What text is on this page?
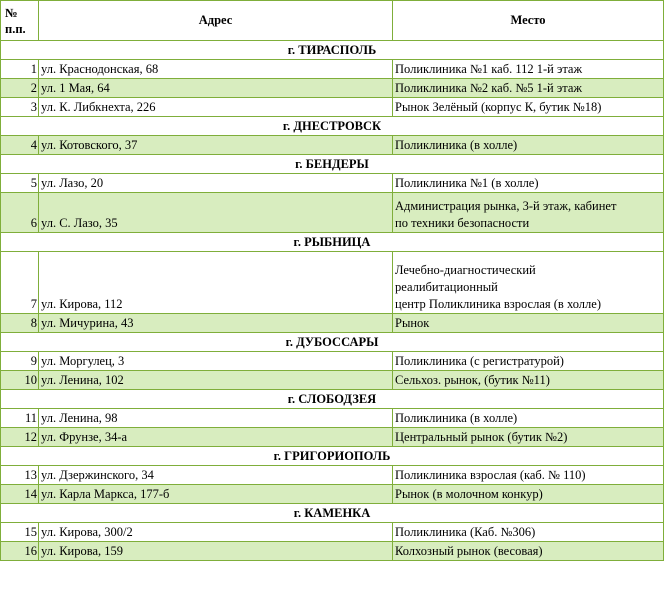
№
п.п.	Адрес	Место
г. ТИРАСПОЛЬ		
1	ул. Краснодонская, 68	Поликлиника №1 каб. 112 1-й этаж
2	ул. 1 Мая, 64	Поликлиника №2 каб. №5 1-й этаж
3	ул. К. Либкнехта, 226	Рынок Зелёный (корпус К, бутик №18)
г. ДНЕСТРОВСК		
4	ул. Котовского, 37	Поликлиника (в холле)
г. БЕНДЕРЫ		
5	ул. Лазо, 20	Поликлиника №1 (в холле)
6	ул. С. Лазо, 35	Администрация рынка, 3-й этаж, кабинет
по техники безопасности
г. РЫБНИЦА		
7	ул. Кирова, 112	Лечебно-диагностический
реалибитационный
центр Поликлиника взрослая (в холле)
8	ул. Мичурина, 43	Рынок
г. ДУБОССАРЫ		
9	ул. Моргулец, 3	Поликлиника (с регистратурой)
10	ул. Ленина, 102	Сельхоз. рынок, (бутик №11)
г. СЛОБОДЗЕЯ		
11	ул. Ленина, 98	Поликлиника (в холле)
12	ул. Фрунзе, 34-а	Центральный рынок (бутик №2)
г. ГРИГОРИОПОЛЬ		
13	ул. Дзержинского, 34	Поликлиника взрослая (каб. № 110)
14	ул. Карла Маркса, 177-б	Рынок (в молочном конкур)
г. КАМЕНКА		
15	ул. Кирова, 300/2	Поликлиника (Каб. №306)
16	ул. Кирова, 159	Колхозный рынок (весовая)
